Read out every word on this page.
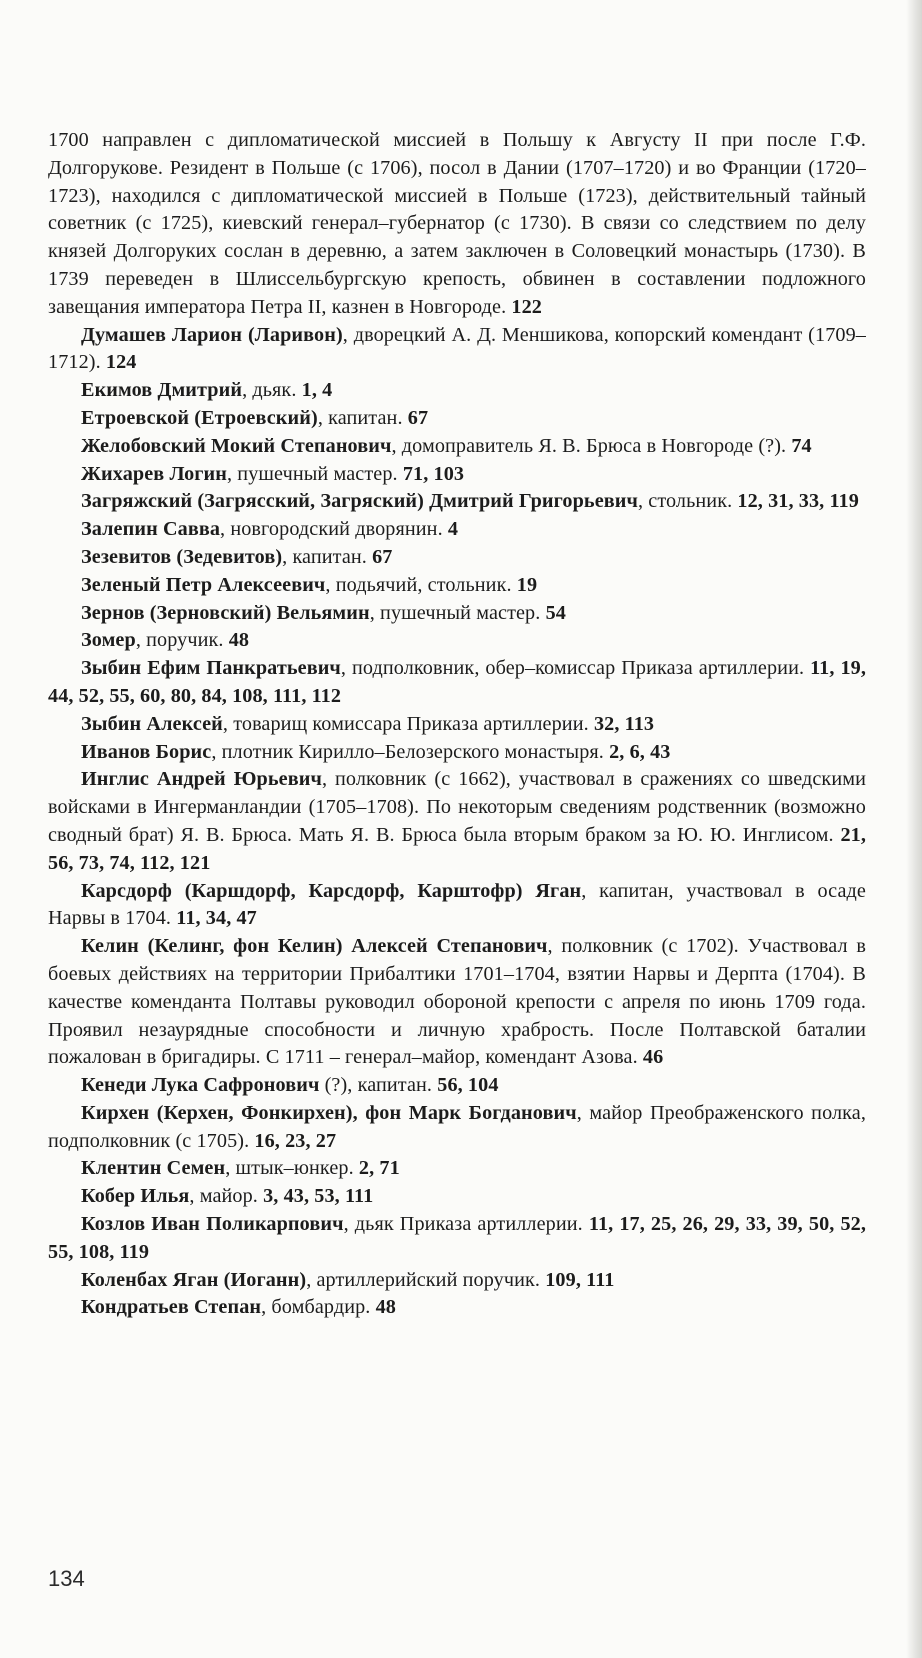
1700 направлен с дипломатической миссией в Польшу к Августу II при после Г.Ф. Долгорукове. Резидент в Польше (с 1706), посол в Дании (1707–1720) и во Франции (1720–1723), находился с дипломатической миссией в Польше (1723), действительный тайный советник (с 1725), киевский генерал–губернатор (с 1730). В связи со следствием по делу князей Долгоруких сослан в деревню, а затем заключен в Соловецкий монастырь (1730). В 1739 переведен в Шлиссельбургскую крепость, обвинен в составлении подложного завещания императора Петра II, казнен в Новгороде. 122

Думашев Ларион (Ларивон), дворецкий А. Д. Меншикова, копорский комендант (1709–1712). 124

Екимов Дмитрий, дьяк. 1, 4

Етроевской (Етроевский), капитан. 67

Желобовский Мокий Степанович, домоправитель Я. В. Брюса в Новгороде (?). 74

Жихарев Логин, пушечный мастер. 71, 103

Загряжский (Загрясский, Загряский) Дмитрий Григорьевич, стольник. 12, 31, 33, 119

Залепин Савва, новгородский дворянин. 4

Зезевитов (Зедевитов), капитан. 67

Зеленый Петр Алексеевич, подьячий, стольник. 19

Зернов (Зерновский) Вельямин, пушечный мастер. 54

Зомер, поручик. 48

Зыбин Ефим Панкратьевич, подполковник, обер–комиссар Приказа артиллерии. 11, 19, 44, 52, 55, 60, 80, 84, 108, 111, 112

Зыбин Алексей, товарищ комиссара Приказа артиллерии. 32, 113

Иванов Борис, плотник Кирилло–Белозерского монастыря. 2, 6, 43

Инглис Андрей Юрьевич, полковник (с 1662), участвовал в сражениях со шведскими войсками в Ингерманландии (1705–1708). По некоторым сведениям родственник (возможно сводный брат) Я. В. Брюса. Мать Я. В. Брюса была вторым браком за Ю. Ю. Инглисом. 21, 56, 73, 74, 112, 121

Карсдорф (Каршдорф, Карсдорф, Карштофр) Яган, капитан, участвовал в осаде Нарвы в 1704. 11, 34, 47

Келин (Келинг, фон Келин) Алексей Степанович, полковник (с 1702). Участвовал в боевых действиях на территории Прибалтики 1701–1704, взятии Нарвы и Дерпта (1704). В качестве коменданта Полтавы руководил обороной крепости с апреля по июнь 1709 года. Проявил незаурядные способности и личную храбрость. После Полтавской баталии пожалован в бригадиры. С 1711 – генерал–майор, комендант Азова. 46

Кенеди Лука Сафронович (?), капитан. 56, 104

Кирхен (Керхен, Фонкирхен), фон Марк Богданович, майор Преображенского полка, подполковник (с 1705). 16, 23, 27

Клентин Семен, штык–юнкер. 2, 71

Кобер Илья, майор. 3, 43, 53, 111

Козлов Иван Поликарпович, дьяк Приказа артиллерии. 11, 17, 25, 26, 29, 33, 39, 50, 52, 55, 108, 119

Коленбах Яган (Иоганн), артиллерийский поручик. 109, 111

Кондратьев Степан, бомбардир. 48

134
